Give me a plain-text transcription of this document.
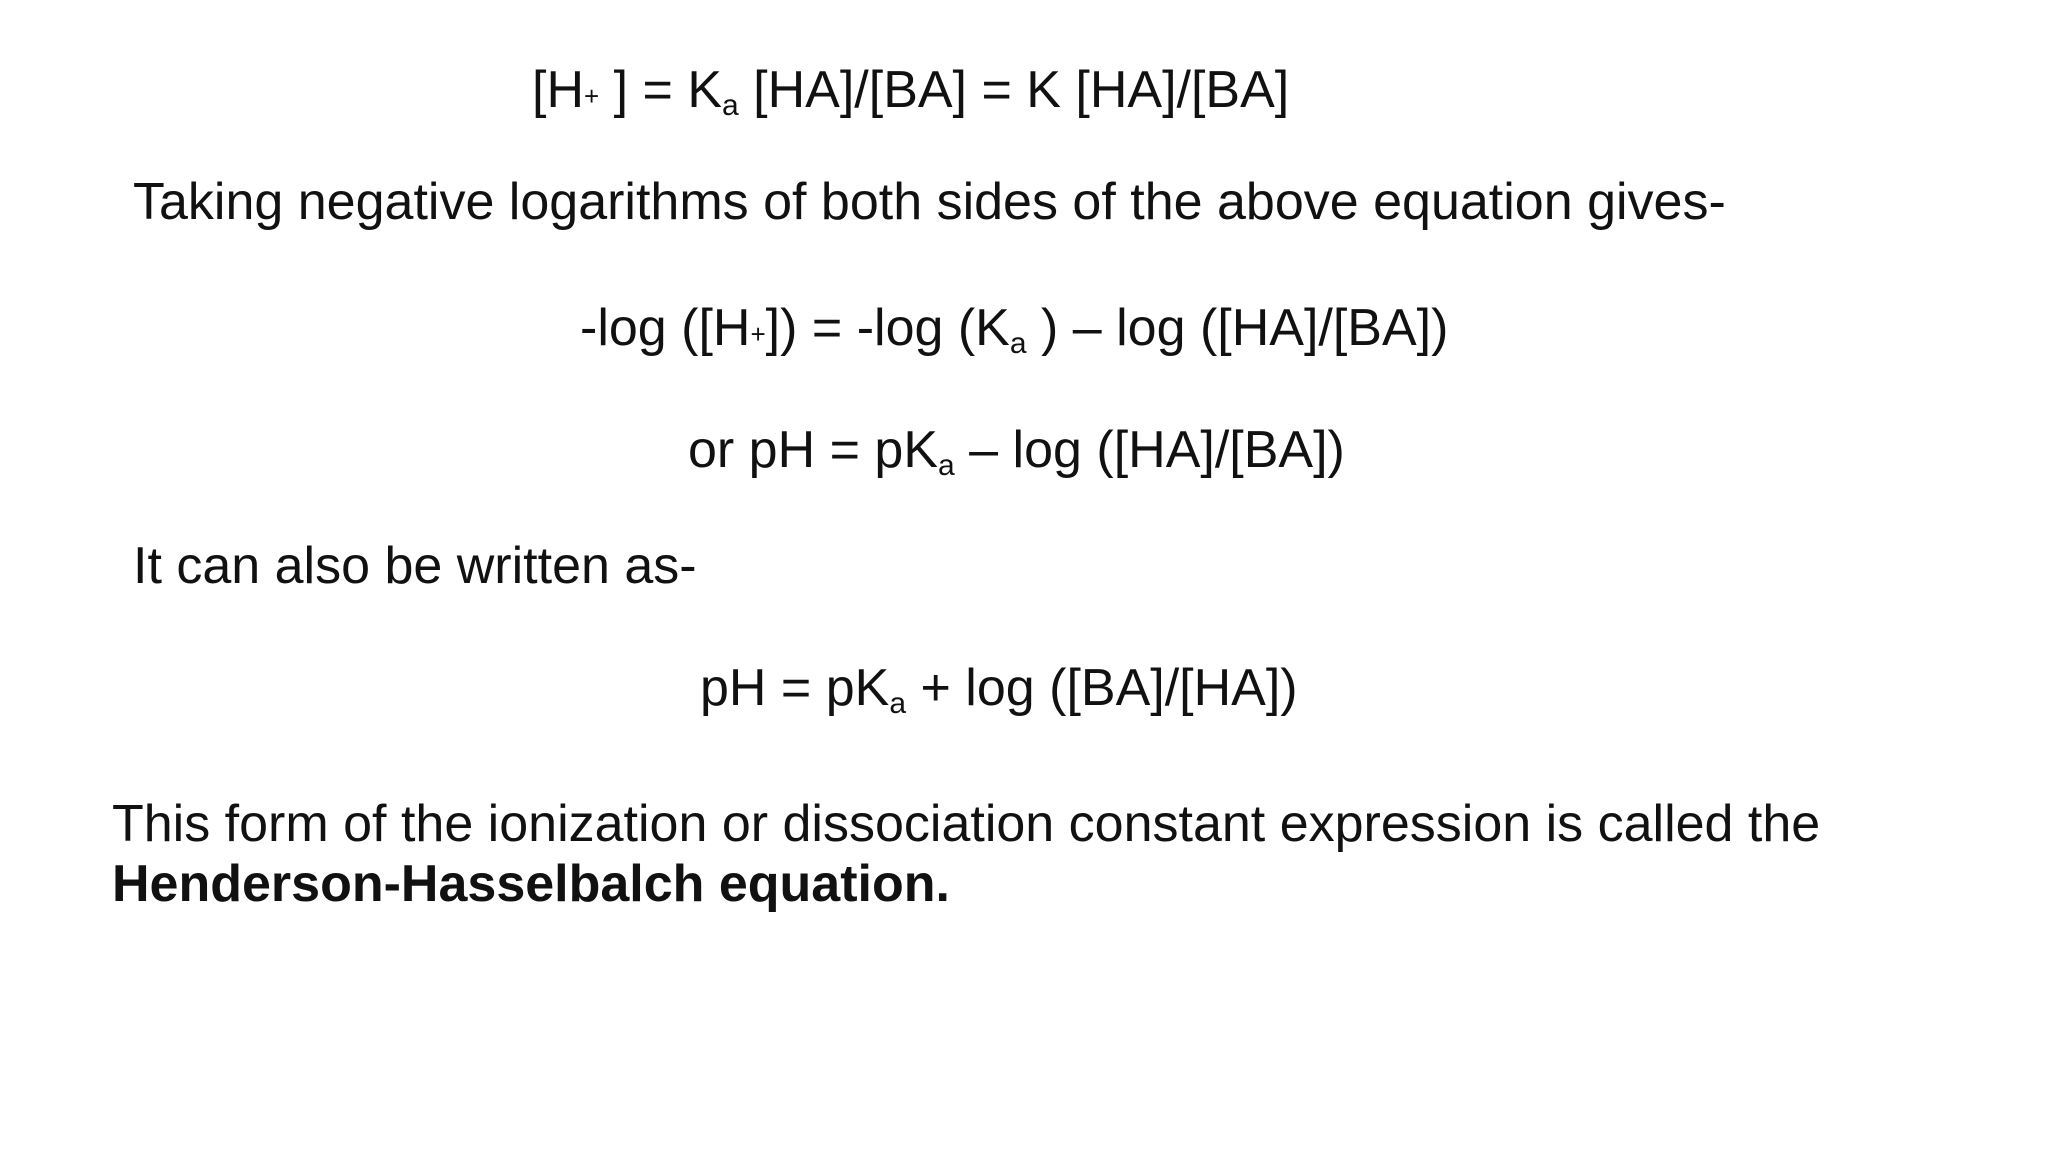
[H+ ] = Ka [HA]/[BA] = K [HA]/[BA]
Taking negative logarithms of both sides of the above equation gives-
-log ([H+]) = -log (Ka ) – log ([HA]/[BA])
or pH = pKa – log ([HA]/[BA])
It can also be written as-
pH = pKa + log ([BA]/[HA])
This form of the ionization or dissociation constant expression is called the
Henderson-Hasselbalch equation.
